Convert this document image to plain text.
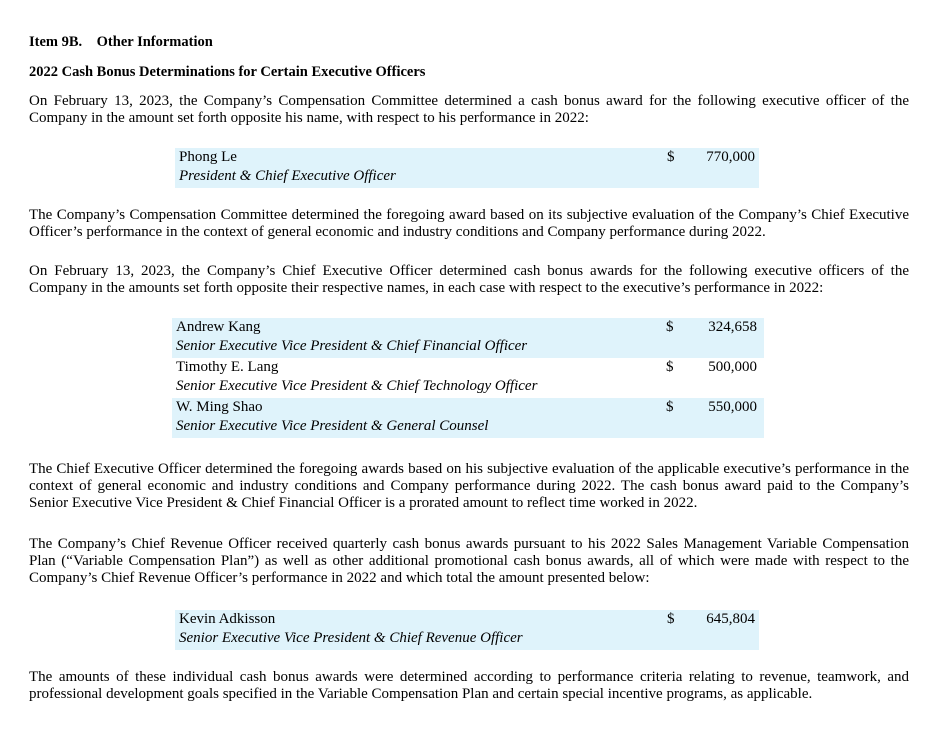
Item 9B.    Other Information
2022 Cash Bonus Determinations for Certain Executive Officers
On February 13, 2023, the Company’s Compensation Committee determined a cash bonus award for the following executive officer of the Company in the amount set forth opposite his name, with respect to his performance in 2022:
Phong Le
President & Chief Executive Officer
$	770,000
The Company’s Compensation Committee determined the foregoing award based on its subjective evaluation of the Company’s Chief Executive Officer’s performance in the context of general economic and industry conditions and Company performance during 2022.
On February 13, 2023, the Company’s Chief Executive Officer determined cash bonus awards for the following executive officers of the Company in the amounts set forth opposite their respective names, in each case with respect to the executive’s performance in 2022:
Andrew Kang
Senior Executive Vice President & Chief Financial Officer
$	324,658
Timothy E. Lang
Senior Executive Vice President & Chief Technology Officer
$	500,000
W. Ming Shao
Senior Executive Vice President & General Counsel
$	550,000
The Chief Executive Officer determined the foregoing awards based on his subjective evaluation of the applicable executive’s performance in the context of general economic and industry conditions and Company performance during 2022. The cash bonus award paid to the Company’s Senior Executive Vice President & Chief Financial Officer is a prorated amount to reflect time worked in 2022.
The Company’s Chief Revenue Officer received quarterly cash bonus awards pursuant to his 2022 Sales Management Variable Compensation Plan (“Variable Compensation Plan”) as well as other additional promotional cash bonus awards, all of which were made with respect to the Company’s Chief Revenue Officer’s performance in 2022 and which total the amount presented below:
Kevin Adkisson
Senior Executive Vice President & Chief Revenue Officer
$	645,804
The amounts of these individual cash bonus awards were determined according to performance criteria relating to revenue, teamwork, and professional development goals specified in the Variable Compensation Plan and certain special incentive programs, as applicable.
